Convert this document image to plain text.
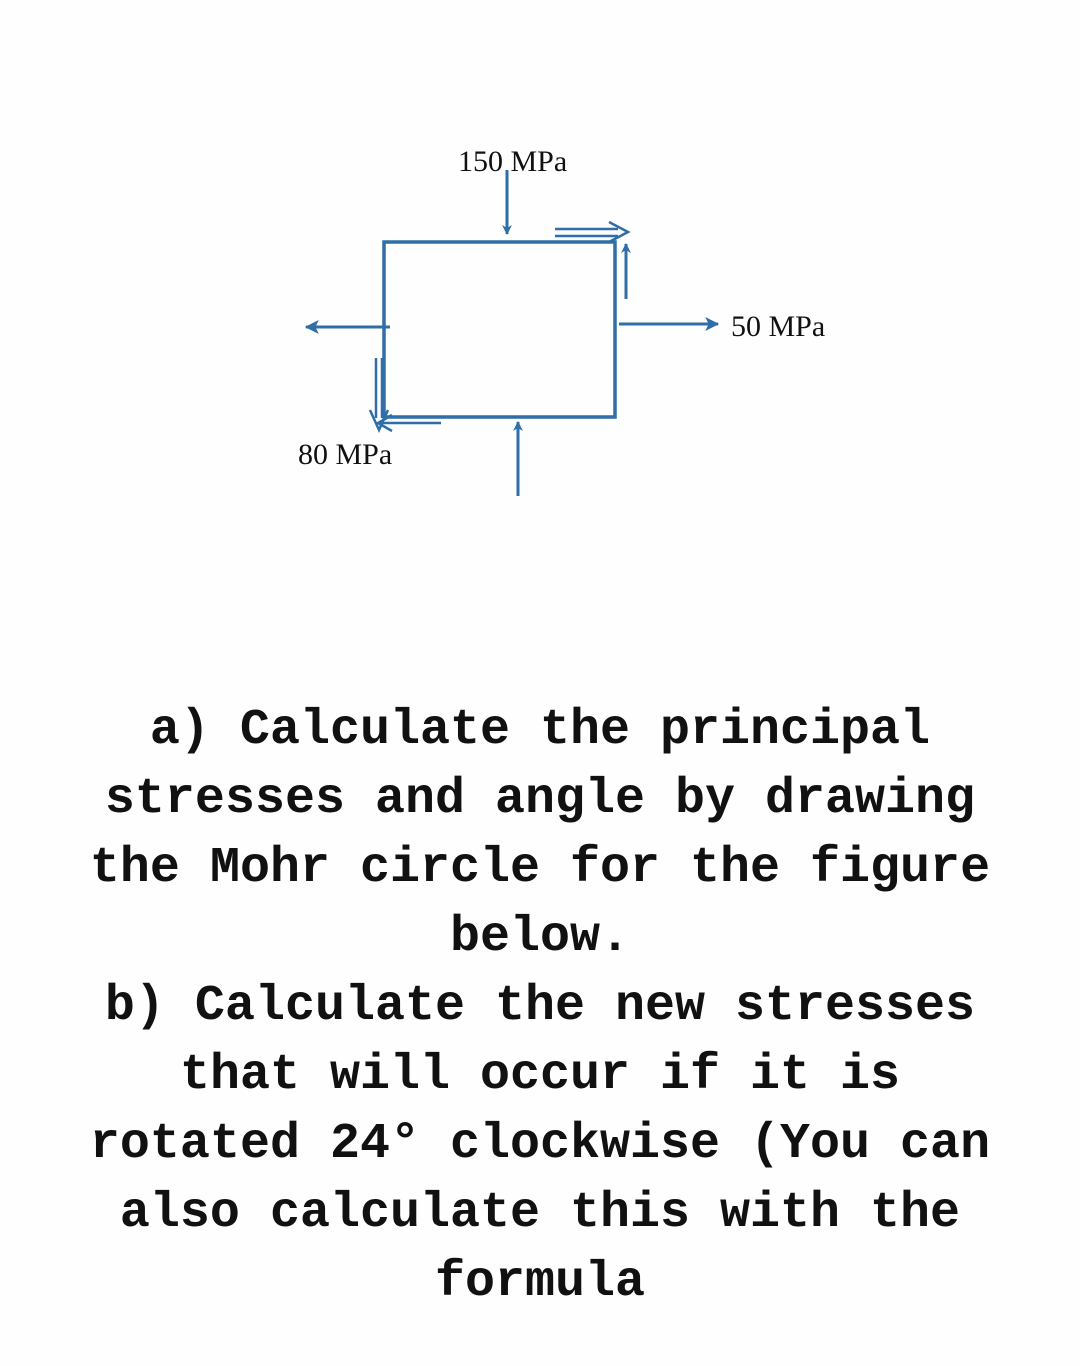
150 MPa
50 MPa
80 MPa

a) Calculate the principal
stresses and angle by drawing
the Mohr circle for the figure
below.
b) Calculate the new stresses
that will occur if it is
rotated 24° clockwise (You can
also calculate this with the
formula
